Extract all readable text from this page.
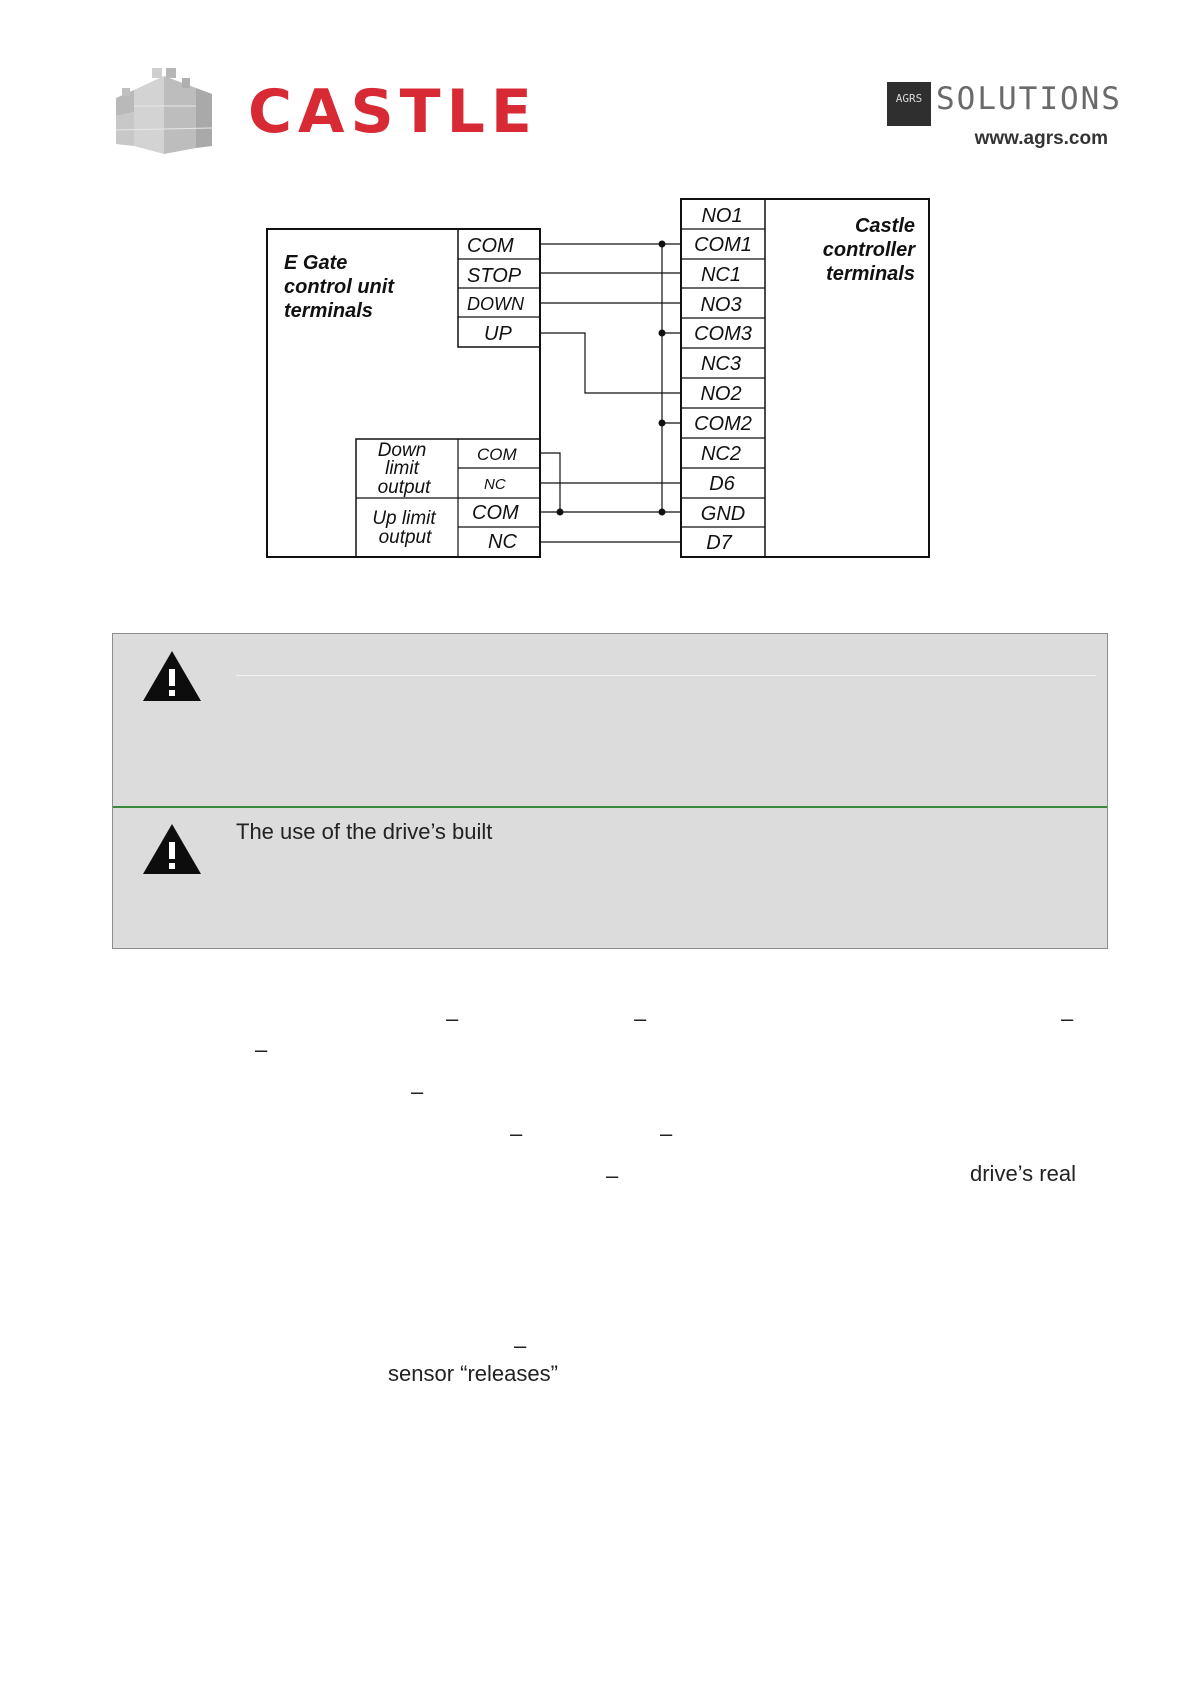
CASTLE	AGRS SOLUTIONS
www.agrs.com
E Gate
control unit
terminals
COM
STOP
DOWN
UP
Down
limit
output
Up limit
output
COM
NC
COM
NC
Castle
controller
terminals
NO1
COM1
NC1
NO3
COM3
NC3
NO2
COM2
NC2
D6
GND
D7
The use of the drive’s built
–	–	–
–
–
–	–
–	drive’s real
–
sensor “releases”
